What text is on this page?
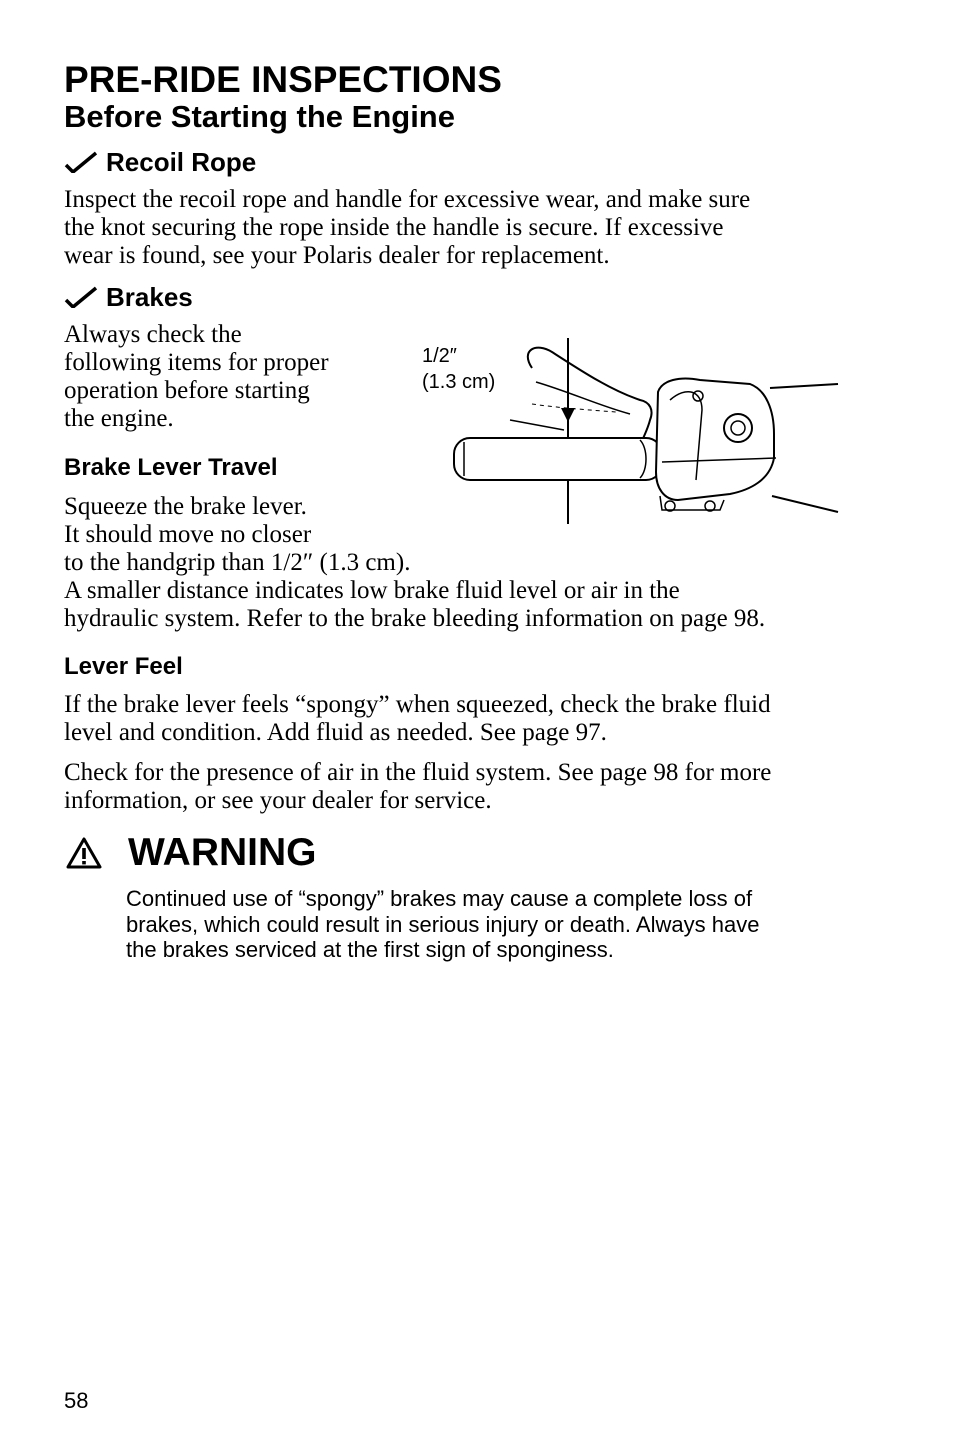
PRE-RIDE INSPECTIONS
Before Starting the Engine
Recoil Rope
Inspect the recoil rope and handle for excessive wear, and make sure
the knot securing the rope inside the handle is secure. If excessive
wear is found, see your Polaris dealer for replacement.
Brakes
Always check the
following items for proper
operation before starting
the engine.
1/2″
(1.3 cm)
Brake Lever Travel
Squeeze the brake lever.
It should move no closer
to the handgrip than 1/2″ (1.3 cm).
A smaller distance indicates low brake fluid level or air in the
hydraulic system. Refer to the brake bleeding information on page 98.
Lever Feel
If the brake lever feels “spongy” when squeezed, check the brake fluid
level and condition. Add fluid as needed. See page 97.
Check for the presence of air in the fluid system. See page 98 for more
information, or see your dealer for service.
WARNING
Continued use of “spongy” brakes may cause a complete loss of
brakes, which could result in serious injury or death. Always have
the brakes serviced at the first sign of sponginess.
58
